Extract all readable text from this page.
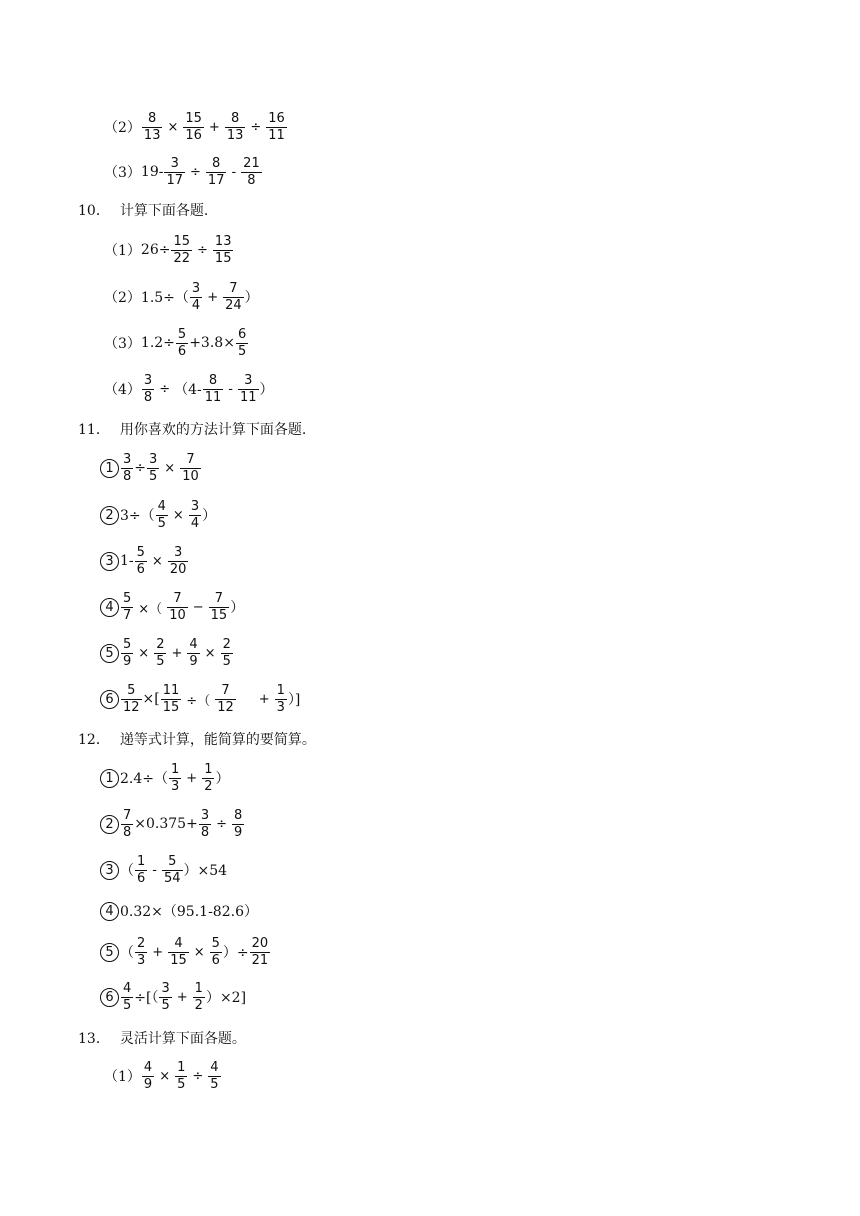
$(2) \frac{8}{13} \times \frac{15}{16} + \frac{8}{13} \div \frac{16}{11}$
（3） $19- \frac{3}{17} \div \frac{8}{17} - \frac{21}{8}$
10． 计算下面各题.
（1） $26\div \frac{15}{22} \div \frac{13}{15}$
（2） $1.5\div( \frac{3}{4} + \frac{7}{24}$ ）
（3） $1.2\div \frac{5}{6} +3.8\times \frac{6}{5}$
$(4) \frac{3}{8} \div (4- \frac{8}{11} - \frac{3}{11}$ ）
11． 用你喜欢的方法计算下面各题.
$1 \frac{3}{8} \div \frac{3}{5} \times \frac{7}{10}$
2 $3\div( \frac{4}{5} \times \frac{3}{4}$ ）
3 $1- \frac{5}{6} \times \frac{3}{20}$
$4 \frac{5}{7}$ ×（ $\frac{7}{10} - \frac{7}{15}$ ）
$5 \frac{5}{9} \times \frac{2}{5} + \frac{4}{9} \times \frac{2}{5}$
$6 \frac{5}{12}$ ×[ $\frac{11}{15}$ ÷（ $\frac{7}{12} + \frac{1}{3}$ ）]
12． 递等式计算，能简算的要简算。
1 $2.4\div( \frac{1}{3} + \frac{1}{2}$ ）
$2 \frac{7}{8} \times 0.375+ \frac{3}{8} \div \frac{8}{9}$
3 （ $\frac{1}{6} - \frac{5}{54} )\times 54$
4 0.32×（95.1-82.6）
5 （ $\frac{2}{3} + \frac{4}{15} \times \frac{5}{6}$ ）÷ $\frac{20}{21}$
$6 \frac{4}{5}$ ÷[（ $\frac{3}{5} + \frac{1}{2} )\times 2$]
13． 灵活计算下面各题。
$(1) \frac{4}{9} \times \frac{1}{5} \div \frac{4}{5}$
